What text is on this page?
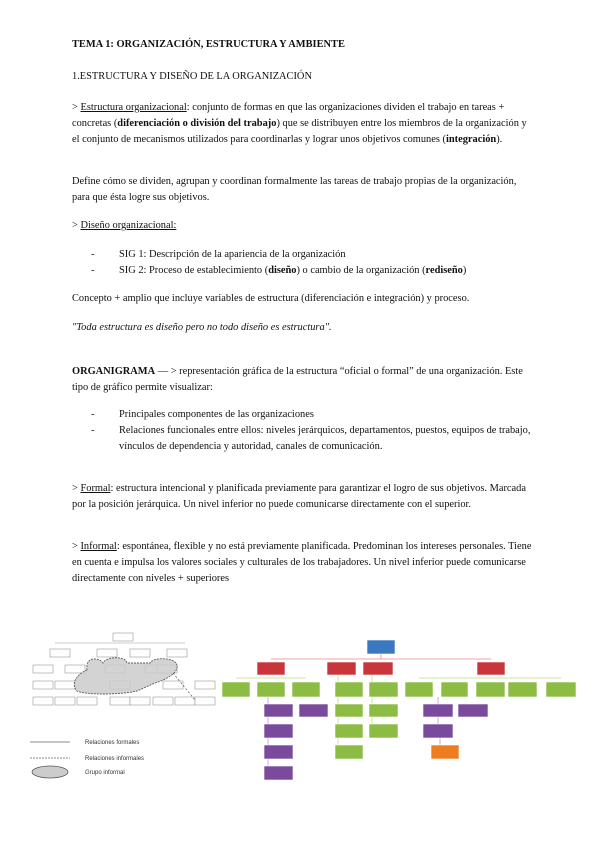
TEMA 1: ORGANIZACIÓN, ESTRUCTURA Y AMBIENTE
1.ESTRUCTURA Y DISEÑO DE LA ORGANIZACIÓN
> Estructura organizacional: conjunto de formas en que las organizaciones dividen el trabajo en tareas + concretas (diferenciación o división del trabajo) que se distribuyen entre los miembros de la organización y el conjunto de mecanismos utilizados para coordinarlas y lograr unos objetivos comunes (integración).
Define cómo se dividen, agrupan y coordinan formalmente las tareas de trabajo propias de la organización, para que ésta logre sus objetivos.
> Diseño organizacional:
- SIG 1: Descripción de la apariencia de la organización
- SIG 2: Proceso de establecimiento (diseño) o cambio de la organización (rediseño)
Concepto + amplio que incluye variables de estructura (diferenciación e integración) y proceso.
"Toda estructura es diseño pero no todo diseño es estructura".
ORGANIGRAMA — > representación gráfica de la estructura “oficial o formal” de una organización. Este tipo de gráfico permite visualizar:
- Principales componentes de las organizaciones
- Relaciones funcionales entre ellos: niveles jerárquicos, departamentos, puestos, equipos de trabajo, vínculos de dependencia y autoridad, canales de comunicación.
> Formal: estructura intencional y planificada previamente para garantizar el logro de sus objetivos. Marcada por la posición jerárquica. Un nivel inferior no puede comunicarse directamente con el superior.
> Informal: espontánea, flexible y no está previamente planificada. Predominan los intereses personales. Tiene en cuenta e impulsa los valores sociales y culturales de los trabajadores. Un nivel inferior puede comunicarse directamente con niveles + superiores
Relaciones formales
Relaciones informales
Grupo informal
